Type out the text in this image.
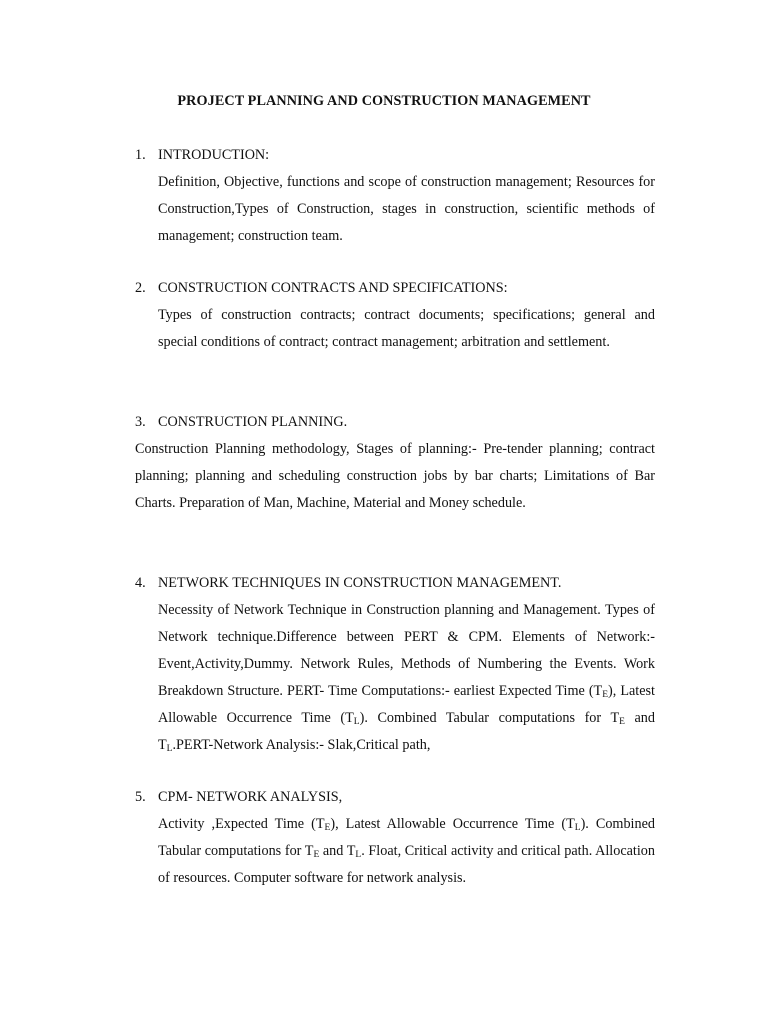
PROJECT PLANNING AND CONSTRUCTION MANAGEMENT
1. INTRODUCTION:
Definition, Objective, functions and scope of construction management; Resources for Construction,Types of Construction, stages in construction, scientific methods of management; construction team.
2. CONSTRUCTION CONTRACTS AND SPECIFICATIONS:
Types of construction contracts; contract documents; specifications; general and special conditions of contract; contract management; arbitration and settlement.
3. CONSTRUCTION PLANNING.
Construction Planning methodology, Stages of planning:- Pre-tender planning; contract planning; planning and scheduling construction jobs by bar charts; Limitations of Bar Charts. Preparation of Man, Machine, Material and Money schedule.
4. NETWORK TECHNIQUES IN CONSTRUCTION MANAGEMENT.
Necessity of Network Technique in Construction planning and Management. Types of Network technique.Difference between PERT & CPM. Elements of Network:- Event,Activity,Dummy. Network Rules, Methods of Numbering the Events. Work Breakdown Structure. PERT- Time Computations:- earliest Expected Time $(T_E)$, Latest Allowable Occurrence Time $(T_L)$. Combined Tabular computations for $T_E$ and $T_L.PERT$-Network Analysis:- Slak,Critical path,
5. CPM- NETWORK ANALYSIS,
Activity ,Expected Time $(T_E)$, Latest Allowable Occurrence Time $(T_L)$. Combined Tabular computations for $T_E$ and $T_L$. Float, Critical activity and critical path. Allocation of resources. Computer software for network analysis.
